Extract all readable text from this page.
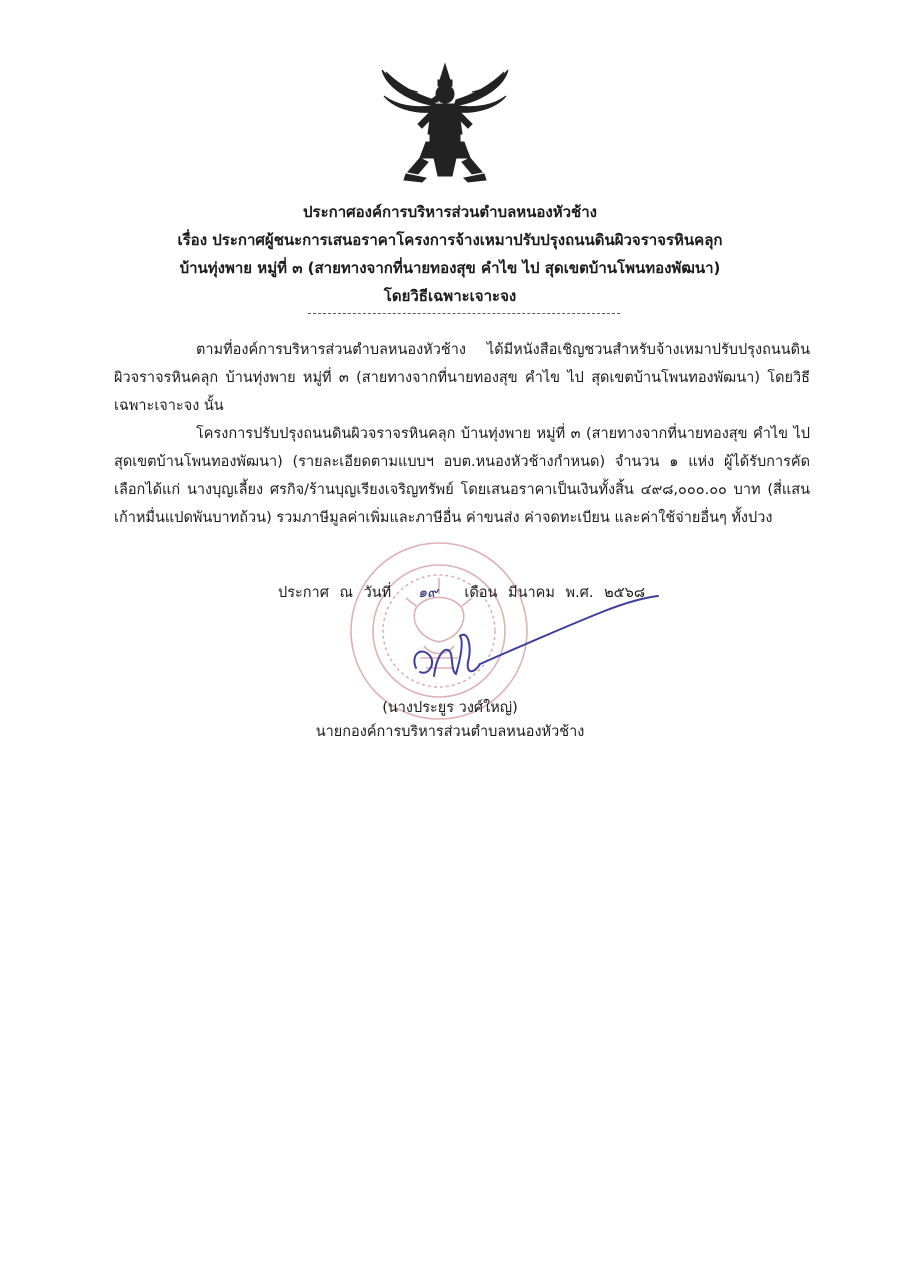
ประกาศองค์การบริหารส่วนตำบลหนองหัวช้าง
เรื่อง ประกาศผู้ชนะการเสนอราคาโครงการจ้างเหมาปรับปรุงถนนดินผิวจราจรหินคลุก
บ้านทุ่งพาย หมู่ที่ ๓ (สายทางจากที่นายทองสุข คำไข ไป สุดเขตบ้านโพนทองพัฒนา)
โดยวิธีเฉพาะเจาะจง

ตามที่องค์การบริหารส่วนตำบลหนองหัวช้าง ได้มีหนังสือเชิญชวนสำหรับจ้างเหมาปรับปรุงถนนดินผิวจราจรหินคลุก บ้านทุ่งพาย หมู่ที่ ๓ (สายทางจากที่นายทองสุข คำไข ไป สุดเขตบ้านโพนทองพัฒนา) โดยวิธีเฉพาะเจาะจง นั้น

โครงการปรับปรุงถนนดินผิวจราจรหินคลุก บ้านทุ่งพาย หมู่ที่ ๓ (สายทางจากที่นายทองสุข คำไข ไป สุดเขตบ้านโพนทองพัฒนา) (รายละเอียดตามแบบฯ อบต.หนองหัวช้างกำหนด) จำนวน ๑ แห่ง ผู้ได้รับการคัดเลือกได้แก่ นางบุญเลี้ยง ศรกิจ/ร้านบุญเรียงเจริญทรัพย์ โดยเสนอราคาเป็นเงินทั้งสิ้น ๔๙๘,๐๐๐.๐๐ บาท (สี่แสนเก้าหมื่นแปดพันบาทถ้วน) รวมภาษีมูลค่าเพิ่มและภาษีอื่น ค่าขนส่ง ค่าจดทะเบียน และค่าใช้จ่ายอื่นๆ ทั้งปวง

ประกาศ ณ วันที่ ๑๙ เดือน มีนาคม พ.ศ. ๒๕๖๘
(นางประยูร วงศ์ใหญ่)
นายกองค์การบริหารส่วนตำบลหนองหัวช้าง
